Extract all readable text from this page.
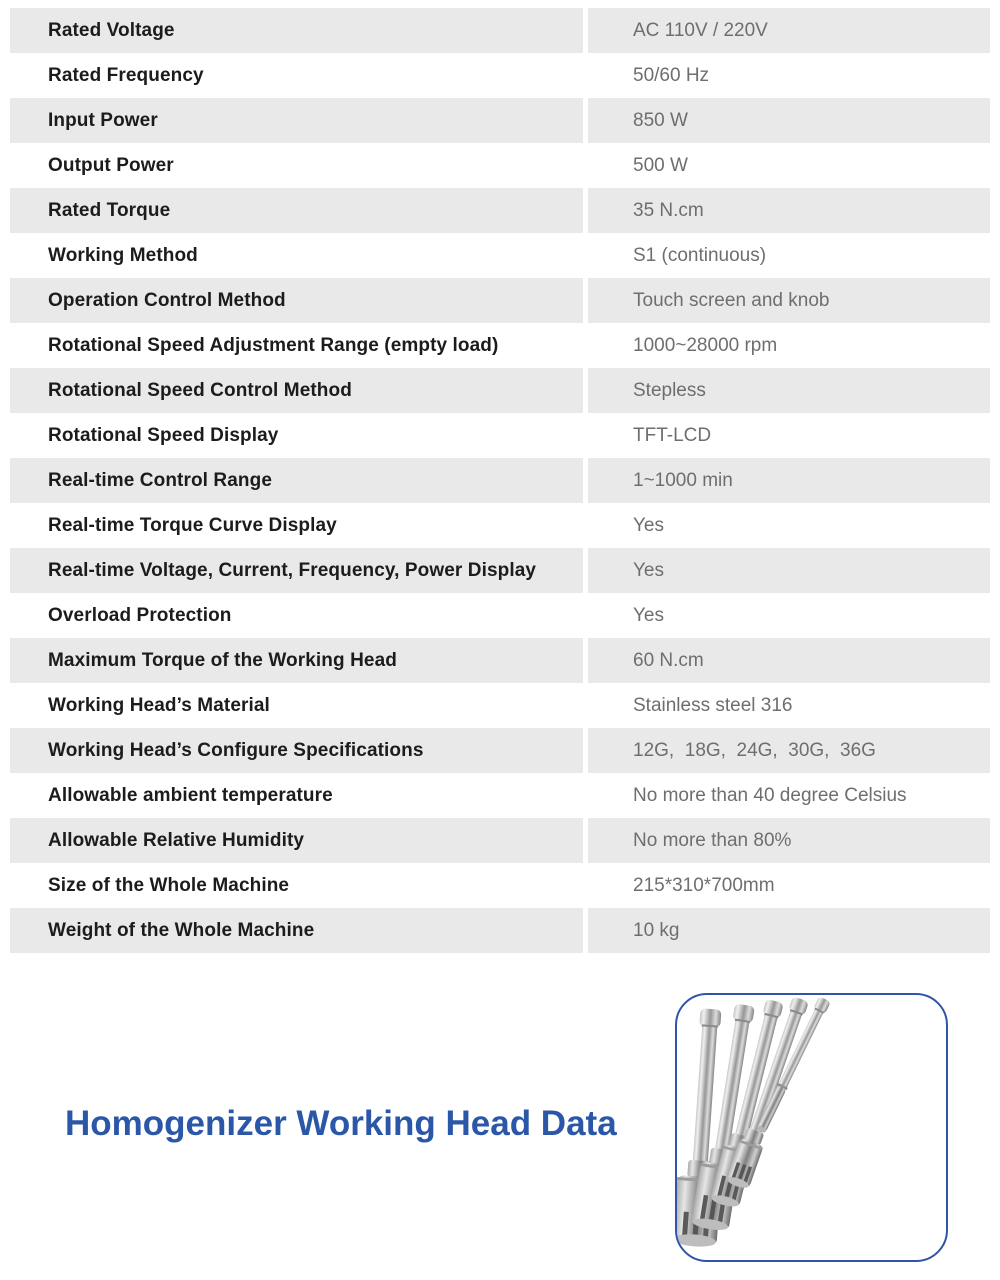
Rated Voltage	AC 110V / 220V
Rated Frequency	50/60 Hz
Input Power	850 W
Output Power	500 W
Rated Torque	35 N.cm
Working Method	S1 (continuous)
Operation Control Method	Touch screen and knob
Rotational Speed Adjustment Range (empty load)	1000~28000 rpm
Rotational Speed Control Method	Stepless
Rotational Speed Display	TFT-LCD
Real-time Control Range	1~1000 min
Real-time Torque Curve Display	Yes
Real-time Voltage, Current, Frequency, Power Display	Yes
Overload Protection	Yes
Maximum Torque of the Working Head	60 N.cm
Working Head’s Material	Stainless steel 316
Working Head’s Configure Specifications	12G,  18G,  24G,  30G,  36G
Allowable ambient temperature	No more than 40 degree Celsius
Allowable Relative Humidity	No more than 80%
Size of the Whole Machine	215*310*700mm
Weight of the Whole Machine	10 kg
Homogenizer Working Head Data
